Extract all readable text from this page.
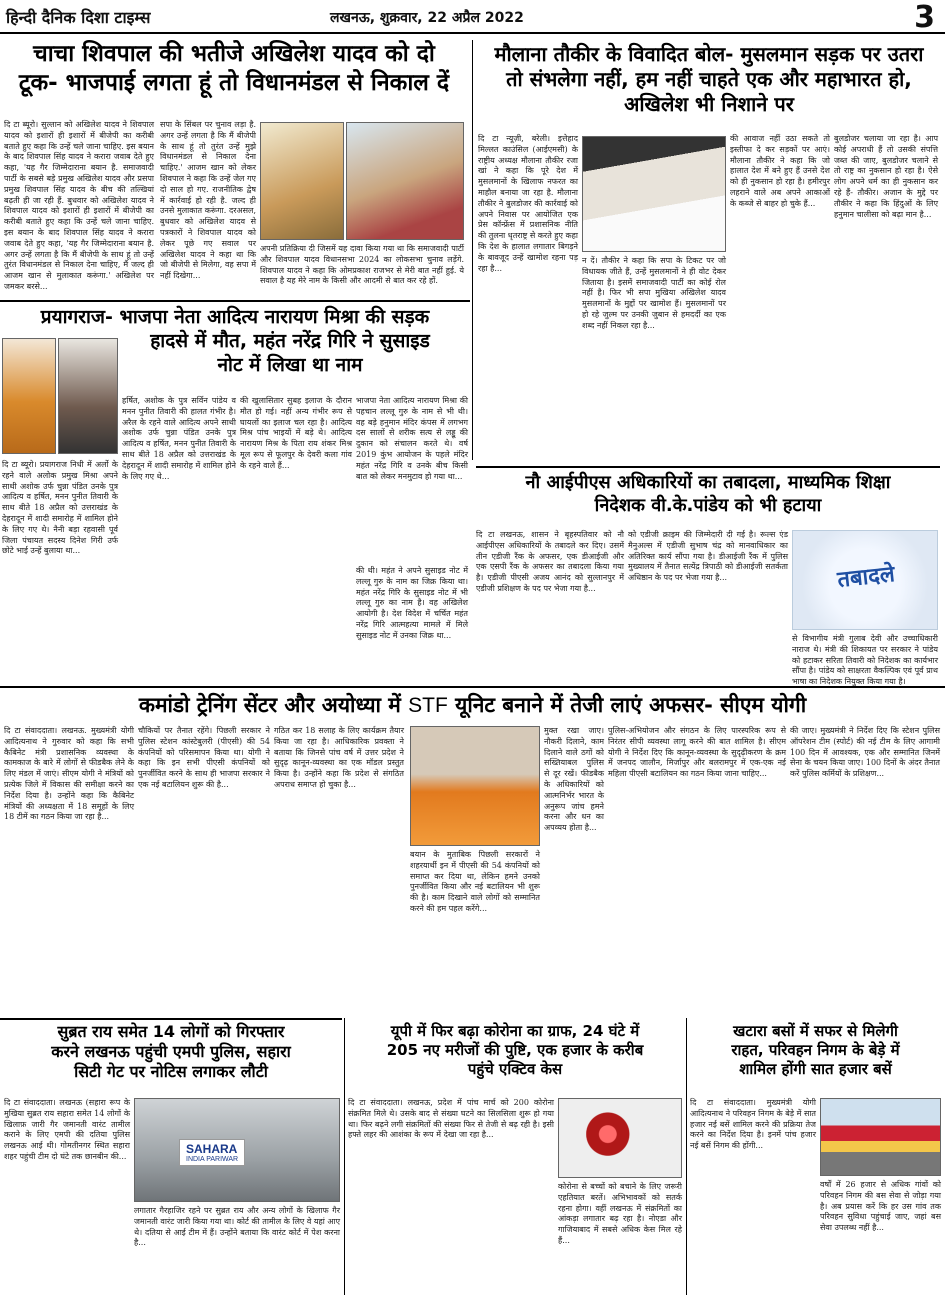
हिन्दी दैनिक दिशा टाइम्स	लखनऊ, शुक्रवार, 22 अप्रैल 2022	3
चाचा शिवपाल की भतीजे अखिलेश यादव को दो
टूक- भाजपाई लगता हूं तो विधानमंडल से निकाल दें
दि टा ब्यूरो। सुल्तान को अखिलेश यादव ने शिवपाल यादव को इशारों ही इशारों में बीजेपी का करीबी बताते हुए कहा कि उन्हें चले जाना चाहिए. इस बयान के बाद शिवपाल सिंह यादव ने करारा जवाब देते हुए कहा, 'यह गैर जिम्मेदाराना बयान है. समाजवादी पार्टी के सबसे बड़े प्रमुख अखिलेश यादव और प्रसपा प्रमुख शिवपाल सिंह यादव के बीच की तल्खियां बढ़ती ही जा रही हैं. बुधवार को अखिलेश यादव ने शिवपाल यादव को इशारों ही इशारों में बीजेपी का करीबी बताते हुए कहा कि उन्हें चले जाना चाहिए. इस बयान के बाद शिवपाल सिंह यादव ने करारा जवाब देते हुए कहा, 'यह गैर जिम्मेदाराना बयान है. अगर उन्हें लगता है कि मैं बीजेपी के साथ हूं तो उन्हें तुरंत विधानमंडल से निकाल देना चाहिए, मैं जल्द ही आजम खान से मुलाकात करूंगा.' अखिलेश पर जमकर बरसे...
सपा के सिंबल पर चुनाव लड़ा है. अगर उन्हें लगता है कि मैं बीजेपी के साथ हूं तो तुरंत उन्हें मुझे विधानमंडल से निकाल देना चाहिए.' आजम खान को लेकर शिवपाल ने कहा कि उन्हें जेल गए दो साल हो गए. राजनीतिक द्वेष में कार्रवाई हो रही है. जल्द ही उनसे मुलाकात करूंगा. दरअसल, बुधवार को अखिलेश यादव से पत्रकारों ने शिवपाल यादव को लेकर पूछे गए सवाल पर अखिलेश यादव ने कहा था कि जो बीजेपी से मिलेगा, वह सपा में नहीं दिखेगा...
अपनी प्रतिक्रिया दी जिसमें यह दावा किया गया था कि समाजवादी पार्टी और शिवपाल यादव विधानसभा 2024 का लोकसभा चुनाव लड़ेंगे. शिवपाल यादव ने कहा कि ओमप्रकाश राजभर से मेरी बात नहीं हुई. ये सवाल है यह मेरे नाम के किसी और आदमी से बात कर रहे हों.
मौलाना तौकीर के विवादित बोल- मुसलमान सड़क पर उतरा
तो संभलेगा नहीं, हम नहीं चाहते एक और महाभारत हो,
अखिलेश भी निशाने पर
दि टा न्यूज़ी, बरेली। इत्तेहाद मिल्लत काउंसिल (आईएमसी) के राष्ट्रीय अध्यक्ष मौलाना तौकीर रजा खां ने कहा कि पूरे देश में मुसलमानों के खिलाफ नफरत का माहौल बनाया जा रहा है. मौलाना तौकीर ने बुलडोजर की कार्रवाई को अपने निवास पर आयोजित एक प्रेस कॉन्फ्रेंस में प्रशासनिक नीति की तुलना धृतराष्ट्र से करते हुए कहा कि देश के हालात लगातार बिगड़ने के बावजूद उन्हें खामोश रहना पड़ रहा है...
न दें। तौकीर ने कहा कि सपा के टिकट पर जो विधायक जीते हैं, उन्हें मुसलमानों ने ही वोट देकर जिताया है। इसमें समाजवादी पार्टी का कोई रोल नहीं है। फिर भी सपा मुखिया अखिलेश यादव मुसलमानों के मुद्दों पर खामोश हैं। मुसलमानों पर हो रहे जुल्म पर उनकी जुबान से हमदर्दी का एक शब्द नहीं निकल रहा है...
की आवाज नहीं उठा सकते तो इस्तीफा दे कर सड़कों पर आएं। मौलाना तौकीर ने कहा कि जो हालात देश में बने हुए हैं उनसे देश को ही नुकसान हो रहा है। हमीरपुर लहराने वाले अब अपने आकाओं के कब्जे से बाहर हो चुके हैं...
बुलडोजर चलाया जा रहा है। आप कोई अपराधी हैं तो उसकी संपत्ति जब्त की जाए, बुलडोजर चलाने से तो राष्ट्र का नुकसान हो रहा है। ऐसे लोग अपने धर्म का ही नुकसान कर रहे हैं- तौकीर। अजान के मुद्दे पर तौकीर ने कहा कि हिंदुओं के लिए हनुमान चालीसा को बढ़ा मान है...
प्रयागराज- भाजपा नेता आदित्य नारायण मिश्रा की सड़क
हादसे में मौत, महंत नरेंद्र गिरि ने सुसाइड
नोट में लिखा था नाम
दि टा ब्यूरो। प्रयागराज निधी में अर्लो के रहने वाले अलोक प्रमुख मिश्रा अपने साथी अशोक उर्फ चुन्ना पंडित उनके पुत्र आदित्य व हर्षित, मनन पुनीत तिवारी के साथ बीते 18 अप्रैल को उत्तराखंड के देहरादून में शादी समारोह में शामिल होने के लिए गए थे। नैनी बड़ा रहवासी पूर्व जिला पंचायत सदस्य दिनेश गिरी उर्फ छोटे भाई उन्हें बुलाया था...
हर्षित, अशोक के पुत्र सर्विन पांडेय व मनन पुनीत तिवारी की हालत गंभीर है। अरैल के रहने वाले आदित्य अपने साथी अशोक उर्फ चुन्ना पंडित उनके पुत्र आदित्य व हर्षित, मनन पुनीत तिवारी के साथ बीते 18 अप्रैल को उत्तराखंड के देहरादून में शादी समारोह में शामिल होने के लिए गए थे...
की खुलासितार सुबह इलाज के दौरान मौत हो गई। नहीं अन्य गंभीर रूप से घायलों का इलाज चल रहा है। आदित्य मिश्र पांच भाइयों में बड़े थे। आदित्य नारायण मिश्र के पिता राय शंकर मिश्र मूल रूप से फूलपुर के देवरी कला गांव के रहने वाले हैं...
भाजपा नेता आदित्य नारायण मिश्रा की पहचान लल्लू गुरु के नाम से भी थी। वह बड़े हनुमान मंदिर कंपस में लगभग दस सालों से शरीक सत्य से लड्डू की दुकान को संचालन करते थे। वर्ष 2019 कुंभ आयोजन के पहले मंदिर महंत नरेंद्र गिरि व उनके बीच किसी बात को लेकर मनमुटाव हो गया था...
की थी। महंत ने अपने सुसाइड नोट में लल्लू गुरु के नाम का जिक्र किया था। महंत नरेंद्र गिरि के सुसाइड नोट में भी लल्लू गुरु का नाम है। वह अखिलेश आयोगी है। देश विदेश में चर्चित महंत नरेंद्र गिरि आत्महत्या मामले में मिले सुसाइड नोट में उनका जिक्र था...
नौ आईपीएस अधिकारियों का तबादला, माध्यमिक शिक्षा
निदेशक वी.के.पांडेय को भी हटाया
दि टा लखनऊ, शासन ने बृहस्पतिवार को नौ आईपीएस अधिकारियों के तबादले कर दिए। उसमें तीन एडीजी रैंक के अफसर, एक डीआईजी और एक एसपी रैंक के अफसर का तबादला किया गया है। एडीजी पीएसी अजय आनंद को सुल्तानपुर में एडीजी प्रशिक्षण के पद पर भेजा गया है...
को एडीजी क्राइम की जिम्मेदारी दी गई है। रूल्स एंड मैनुअल्स में एडीजी सुभाष चंद्र को मानवाधिकार का अतिरिक्त कार्य सौंपा गया है। डीआईजी रैंक में पुलिस मुख्यालय में तैनात सत्येंद्र त्रिपाठी को डीआईजी सतर्कता अधिष्ठान के पद पर भेजा गया है...	तबादले
से विभागीय मंत्री गुलाब देवी और उच्चाधिकारी नाराज थे। मंत्री की शिकायत पर सरकार ने पांडेय को हटाकर सरिता तिवारी को निदेशक का कार्यभार सौंपा है। पांडेय को साक्षरता वैकल्पिक एवं पूर्व प्राथ भाषा का निदेशक नियुक्त किया गया है।
कमांडो ट्रेनिंग सेंटर और अयोध्या में STF यूनिट बनाने में तेजी लाएं अफसर- सीएम योगी
दि टा संवाददाता। लखनऊ. मुख्यमंत्री योगी आदित्यनाथ ने गुरुवार को कहा कि सभी कैबिनेट मंत्री प्रशासनिक व्यवस्था के कामकाज के बारे में लोगों से फीडबैक लेने के लिए मंडल में जाएं। सीएम योगी ने मंत्रियों को प्रत्येक जिले में विकास की समीक्षा करने का निर्देश दिया है। उन्होंने कहा कि कैबिनेट मंत्रियों की अध्यक्षता में 18 समूहों के लिए 18 टीमें का गठन किया जा रहा है...
चौकियों पर तैनात रहेंगे। पिछली सरकार ने पुलिस स्टेशन कांस्टेबुलरी (पीएसी) की 54 कंपनियों को परिसमापन किया था। योगी ने कहा कि इन सभी पीएसी कंपनियों को पुनर्जीवित करने के साथ ही भाजपा सरकार ने एक नई बटालियन शुरू की है...
गठित कर 18 सलाह के लिए कार्यक्रम तैयार किया जा रहा है। आधिकारिक प्रवक्ता ने बताया कि जिनसे पांच वर्ष में उत्तर प्रदेश ने सुदृढ़ कानून-व्यवस्था का एक मॉडल प्रस्तुत किया है। उन्होंने कहा कि प्रदेश से संगठित अपराध समाप्त हो चुका है...
बयान के मुताबिक पिछली सरकारों ने शहरयार्थी इन में पीएसी की 54 कंपनियों को समाप्त कर दिया था, लेकिन हमने उनको पुनर्जीवित किया और नई बटालियन भी शुरू की है। काम दिखाने वाले लोगों को सम्मानित करने की हम पहल करेंगे...
मुक्त रखा जाए। नौकरी दिलाने, काम दिलाने वाले ठगों को सख्तियाबल पुलिस से दूर रखें। फीडबैक के अधिकारियों को आत्मनिर्भर भारत के अनुरूप जांच हमने करना और धन का अपव्यय होता है...
पुलिस-अभियोजन और संगठन के लिए पारस्परिक रूप से निरंतर सीपी व्यवस्था लागू करने की बात शामिल है। सीएम योगी ने निर्देश दिए कि कानून-व्यवस्था के सुदृढ़ीकरण के क्रम में जनपद जालौन, मिर्जापुर और बलरामपुर में एक-एक नई महिला पीएसी बटालियन का गठन किया जाना चाहिए...
की जाए। मुख्यमंत्री ने निर्देश दिए कि स्टेशन पुलिस ऑपरेशन टीम (स्पोर्ट) की नई टीम के लिए आगामी 100 दिन में आवश्यक, एक और सम्मानित जिनमें सेना के चयन किया जाए। 100 दिनों के अंदर तैनात करें पुलिस कर्मियों के प्रशिक्षण...
सुब्रत राय समेत 14 लोगों को गिरफ्तार
करने लखनऊ पहुंची एमपी पुलिस, सहारा
सिटी गेट पर नोटिस लगाकर लौटी
दि टा संवाददाता। लखनऊ (सहारा रूप के मुखिया सुब्रत राय सहारा समेत 14 लोगों के खिलाफ़ जारी गैर जमानती वारंट तामील कराने के लिए एमपी की दतिया पुलिस लखनऊ आई थी। गोमतीनगर स्थित सहारा शहर पहुंची टीम दो घंटे तक छानबीन की...
SAHARA
INDIA PARIWAR
लगातार गैरहाजिर रहने पर सुब्रत राय और अन्य लोगों के खिलाफ गैर जमानती वारंट जारी किया गया था। कोर्ट की तामील के लिए वे यहां आए थे। दतिया से आई टीम में हैं। उन्होंने बताया कि वारंट कोर्ट में पेश करना है...
यूपी में फिर बढ़ा कोरोना का ग्राफ, 24 घंटे में
205 नए मरीजों की पुष्टि, एक हजार के करीब
पहुंचे एक्टिव केस
दि टा संवाददाता। लखनऊ, प्रदेश में पांच मार्च को 200 कोरोना संक्रमित मिले थे। उसके बाद से संख्या घटने का सिलसिला शुरू हो गया था। फिर बढ़ने लगी संक्रमितों की संख्या फिर से तेजी से बढ़ रही है। इसी हफ्ते लहर की आशंका के रूप में देखा जा रहा है...
कोरोना से बच्चों को बचाने के लिए जरूरी एहतियात बरतें। अभिभावकों को सतर्क रहना होगा। वहीं लखनऊ में संक्रमितों का आंकड़ा लगातार बढ़ रहा है। नोएडा और गाजियाबाद में सबसे अधिक केस मिल रहे हैं...
खटारा बसों में सफर से मिलेगी
राहत, परिवहन निगम के बेड़े में
शामिल होंगी सात हजार बसें
दि टा संवाददाता। मुख्यमंत्री योगी आदित्यनाथ ने परिवहन निगम के बेड़े में सात हजार नई बसें शामिल करने की प्रक्रिया तेज करने का निर्देश दिया है। इनमें पांच हजार नई बसें निगम की होंगी...
वर्षों में 26 हजार से अधिक गांवों को परिवहन निगम की बस सेवा से जोड़ा गया है। अब प्रयास करें कि हर उस गांव तक परिवहन सुविधा पहुंचाई जाए, जहां बस सेवा उपलब्ध नहीं है...
